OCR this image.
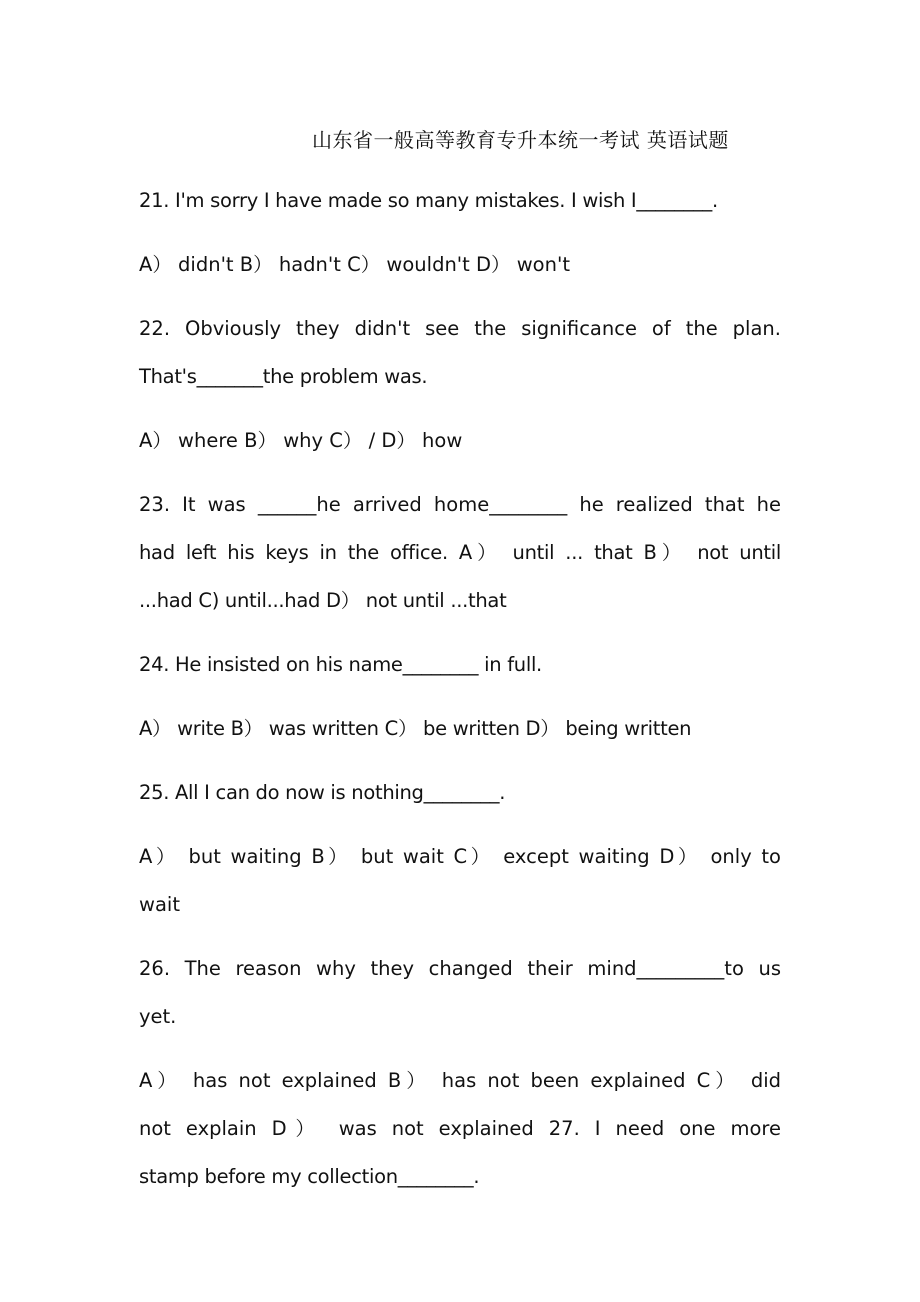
山东省一般高等教育专升本统一考试 英语试题
21. I'm sorry I have made so many mistakes. I wish I________.
A） didn't B） hadn't C） wouldn't D） won't
22. Obviously they didn't see the significance of the plan.
That's_______the problem was.
A） where B） why C） / D） how
23. It was ______he arrived home________ he realized that he
had left his keys in the office. A） until ... that B） not until
...had C) until...had D） not until ...that
24. He insisted on his name________ in full.
A） write B） was written C） be written D） being written
25. All I can do now is nothing________.
A） but waiting B） but wait C） except waiting D） only to
wait
26. The reason why they changed their mind_________to us
yet.
A） has not explained B） has not been explained C） did
not explain D） was not explained 27. I need one more
stamp before my collection________.
